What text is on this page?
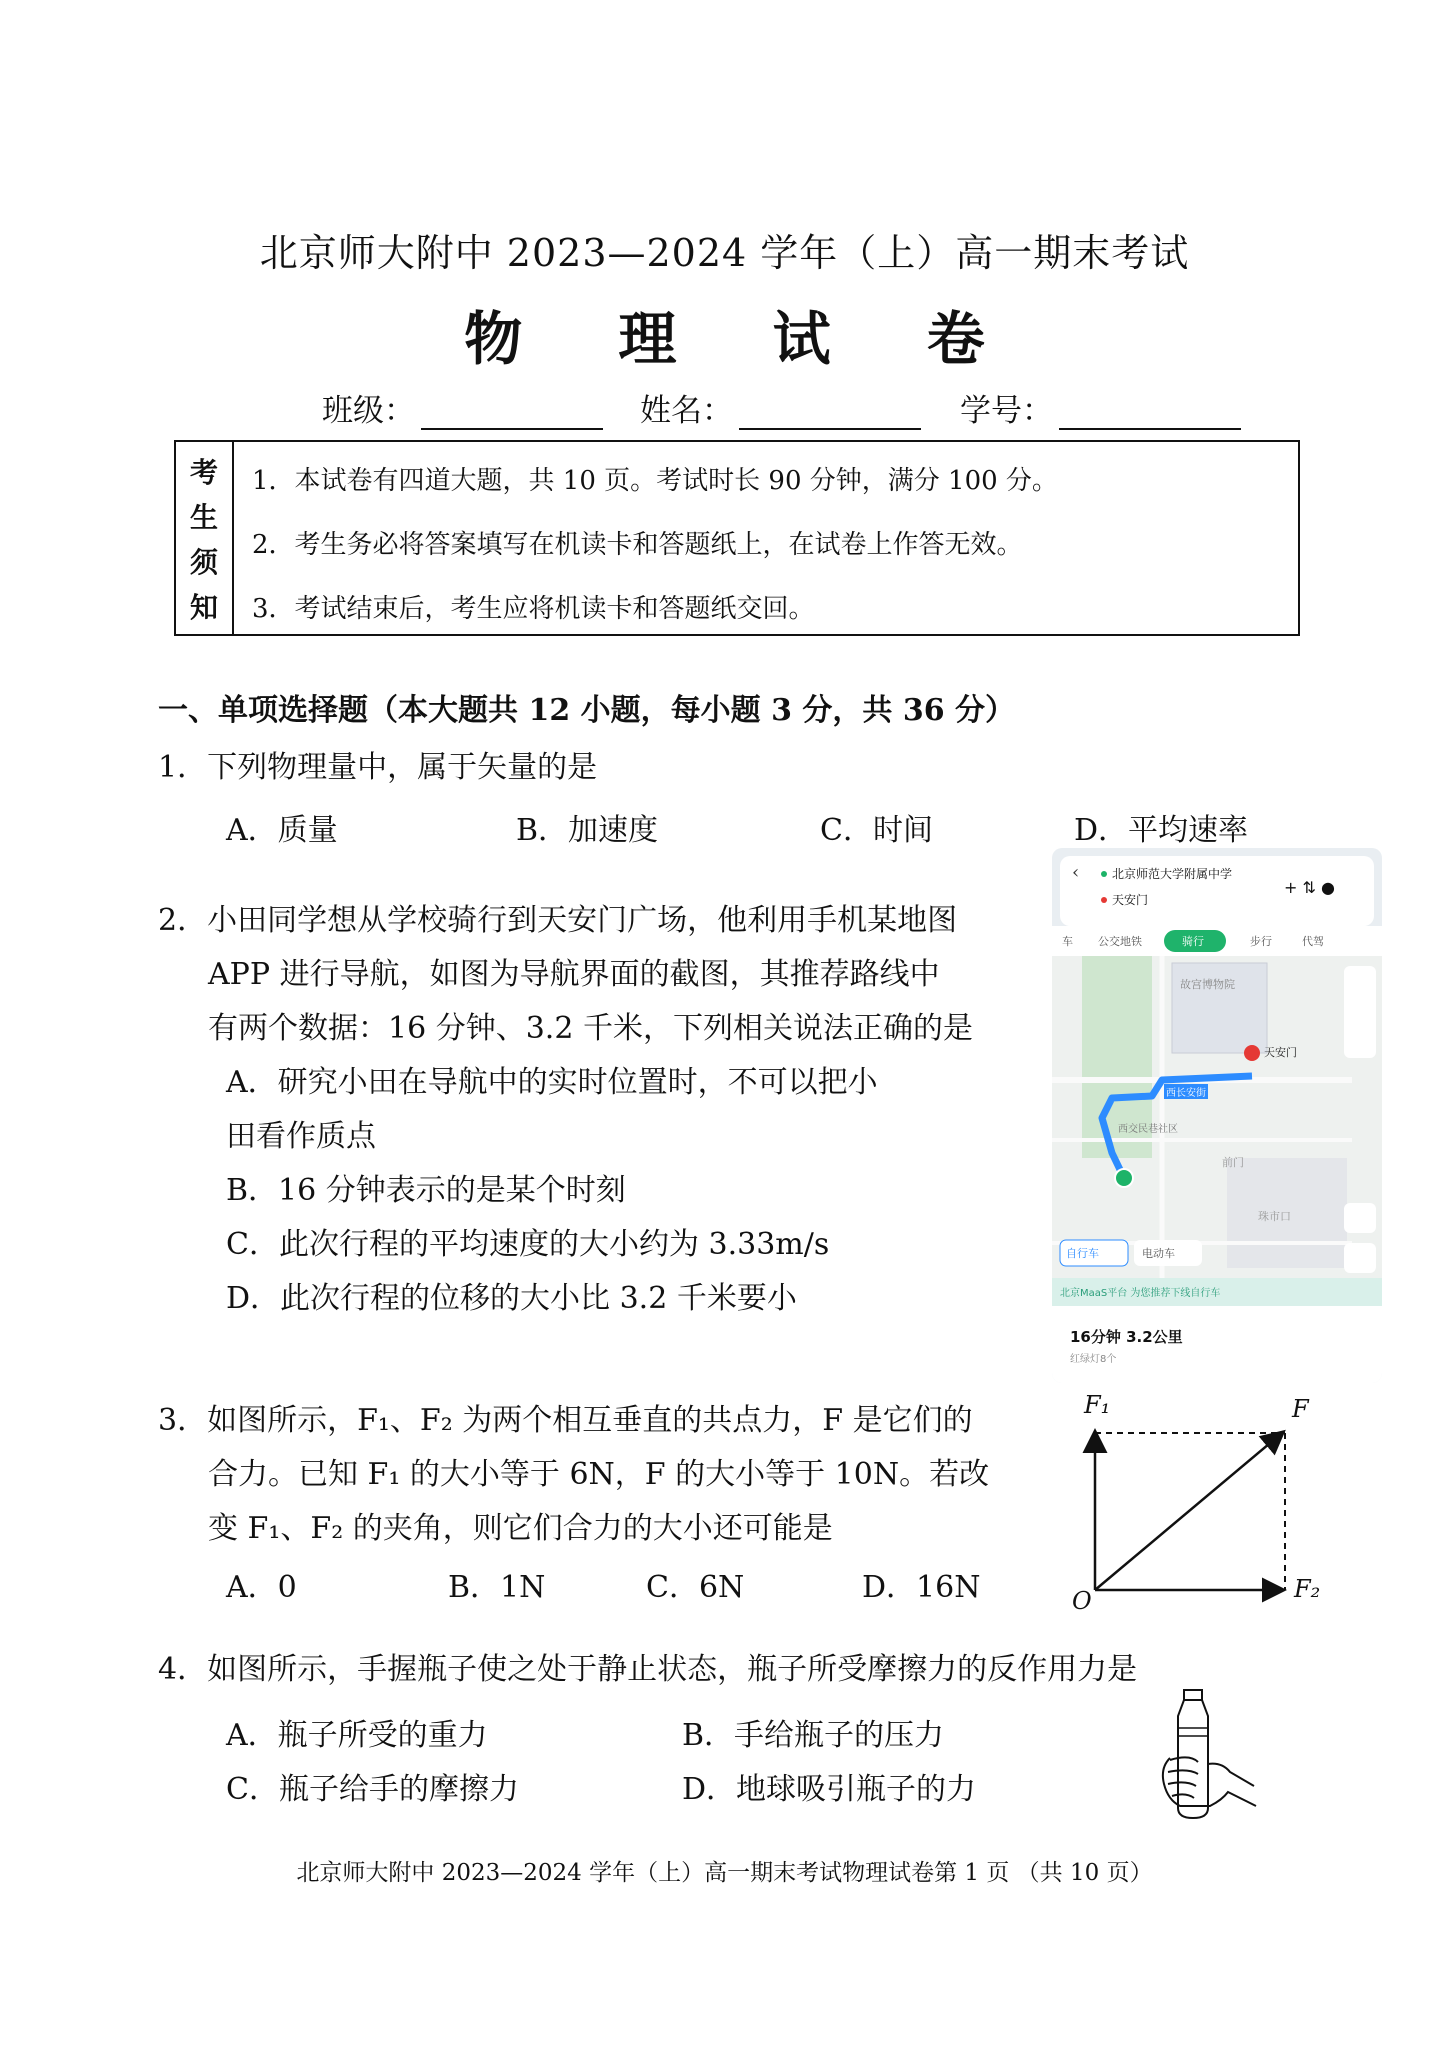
北京师大附中 2023—2024 学年（上）高一期末考试
物 理 试 卷
班级：	姓名：	学号：
考
生
须
知
1．本试卷有四道大题，共 10 页。考试时长 90 分钟，满分 100 分。
2．考生务必将答案填写在机读卡和答题纸上，在试卷上作答无效。
3．考试结束后，考生应将机读卡和答题纸交回。
一、单项选择题（本大题共 12 小题，每小题 3 分，共 36 分）
1．下列物理量中，属于矢量的是
A．质量	B．加速度	C．时间	D．平均速率
2．小田同学想从学校骑行到天安门广场，他利用手机某地图
APP 进行导航，如图为导航界面的截图，其推荐路线中
有两个数据：16 分钟、3.2 千米，下列相关说法正确的是
A．研究小田在导航中的实时位置时，不可以把小
田看作质点
B．16 分钟表示的是某个时刻
C．此次行程的平均速度的大小约为 3.33m/s
D．此次行程的位移的大小比 3.2 千米要小
‹	北京师范大学附属中学
天安门
+ ⇅ ●
车 公交地铁	骑行	步行	代驾
故宫博物院
天安门
西长安街
西交民巷社区
前门
珠市口
自行车	电动车
北京MaaS平台 为您推荐下线自行车
16分钟 3.2公里
红绿灯8个
3．如图所示，F₁、F₂ 为两个相互垂直的共点力，F 是它们的
合力。已知 F₁ 的大小等于 6N，F 的大小等于 10N。若改
变 F₁、F₂ 的夹角，则它们合力的大小还可能是
A．0	B．1N	C．6N	D．16N
F₁	F
F₂
O
4．如图所示，手握瓶子使之处于静止状态，瓶子所受摩擦力的反作用力是
A．瓶子所受的重力	B．手给瓶子的压力
C．瓶子给手的摩擦力	D．地球吸引瓶子的力
北京师大附中 2023—2024 学年（上）高一期末考试物理试卷第 1 页 （共 10 页）
